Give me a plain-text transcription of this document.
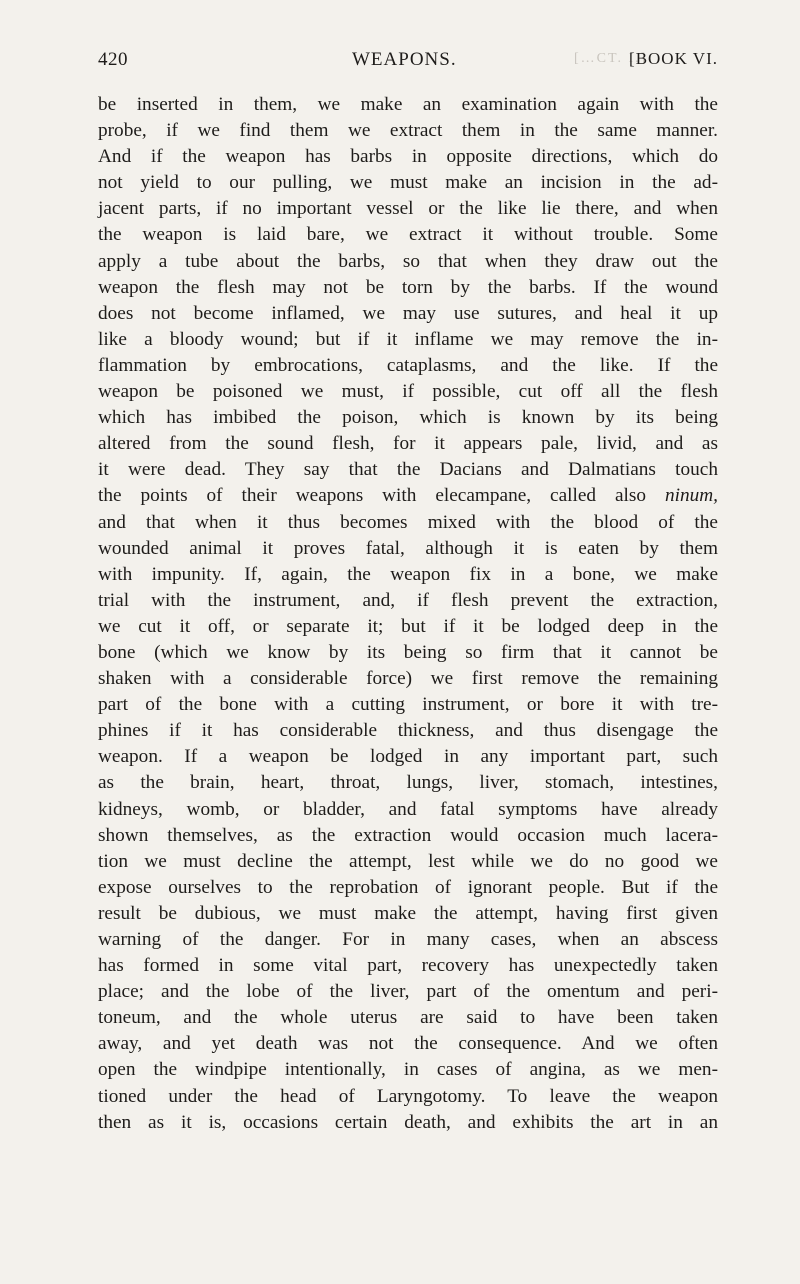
420	WEAPONS.	[…CT. I.]
[BOOK VI.
be inserted in them, we make an examination again with the
probe, if we find them we extract them in the same manner.
And if the weapon has barbs in opposite directions, which do
not yield to our pulling, we must make an incision in the ad-
jacent parts, if no important vessel or the like lie there, and when
the weapon is laid bare, we extract it without trouble. Some
apply a tube about the barbs, so that when they draw out the
weapon the flesh may not be torn by the barbs. If the wound
does not become inflamed, we may use sutures, and heal it up
like a bloody wound; but if it inflame we may remove the in-
flammation by embrocations, cataplasms, and the like. If the
weapon be poisoned we must, if possible, cut off all the flesh
which has imbibed the poison, which is known by its being
altered from the sound flesh, for it appears pale, livid, and as
it were dead. They say that the Dacians and Dalmatians touch
the points of their weapons with elecampane, called also ninum,
and that when it thus becomes mixed with the blood of the
wounded animal it proves fatal, although it is eaten by them
with impunity. If, again, the weapon fix in a bone, we make
trial with the instrument, and, if flesh prevent the extraction,
we cut it off, or separate it; but if it be lodged deep in the
bone (which we know by its being so firm that it cannot be
shaken with a considerable force) we first remove the remaining
part of the bone with a cutting instrument, or bore it with tre-
phines if it has considerable thickness, and thus disengage the
weapon. If a weapon be lodged in any important part, such
as the brain, heart, throat, lungs, liver, stomach, intestines,
kidneys, womb, or bladder, and fatal symptoms have already
shown themselves, as the extraction would occasion much lacera-
tion we must decline the attempt, lest while we do no good we
expose ourselves to the reprobation of ignorant people. But if the
result be dubious, we must make the attempt, having first given
warning of the danger. For in many cases, when an abscess
has formed in some vital part, recovery has unexpectedly taken
place; and the lobe of the liver, part of the omentum and peri-
toneum, and the whole uterus are said to have been taken
away, and yet death was not the consequence. And we often
open the windpipe intentionally, in cases of angina, as we men-
tioned under the head of Laryngotomy. To leave the weapon
then as it is, occasions certain death, and exhibits the art in an
